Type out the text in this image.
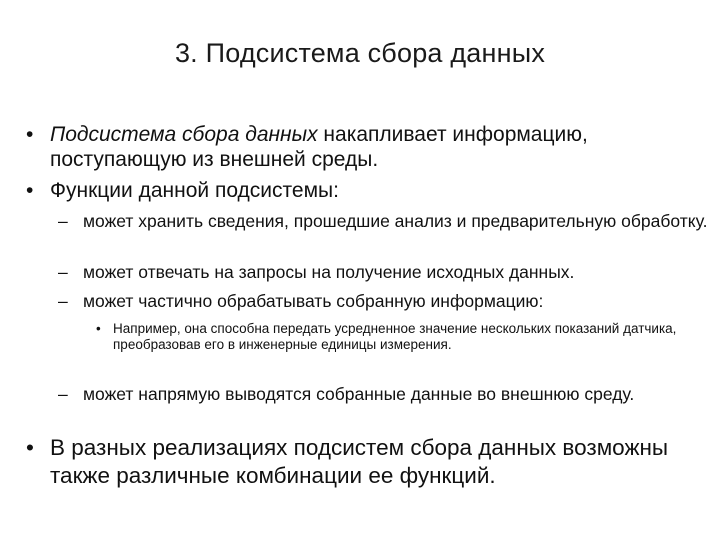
3. Подсистема сбора данных
• Подсистема сбора данных накапливает информацию, поступающую из внешней среды.
• Функции данной подсистемы:
– может хранить сведения, прошедшие анализ и предварительную обработку.
– может отвечать на запросы на получение исходных данных.
– может частично обрабатывать собранную информацию:
• Например, она способна передать усредненное значение нескольких показаний датчика, преобразовав его в инженерные единицы измерения.
– может напрямую выводятся собранные данные во внешнюю среду.
• В разных реализациях подсистем сбора данных возможны также различные комбинации ее функций.
